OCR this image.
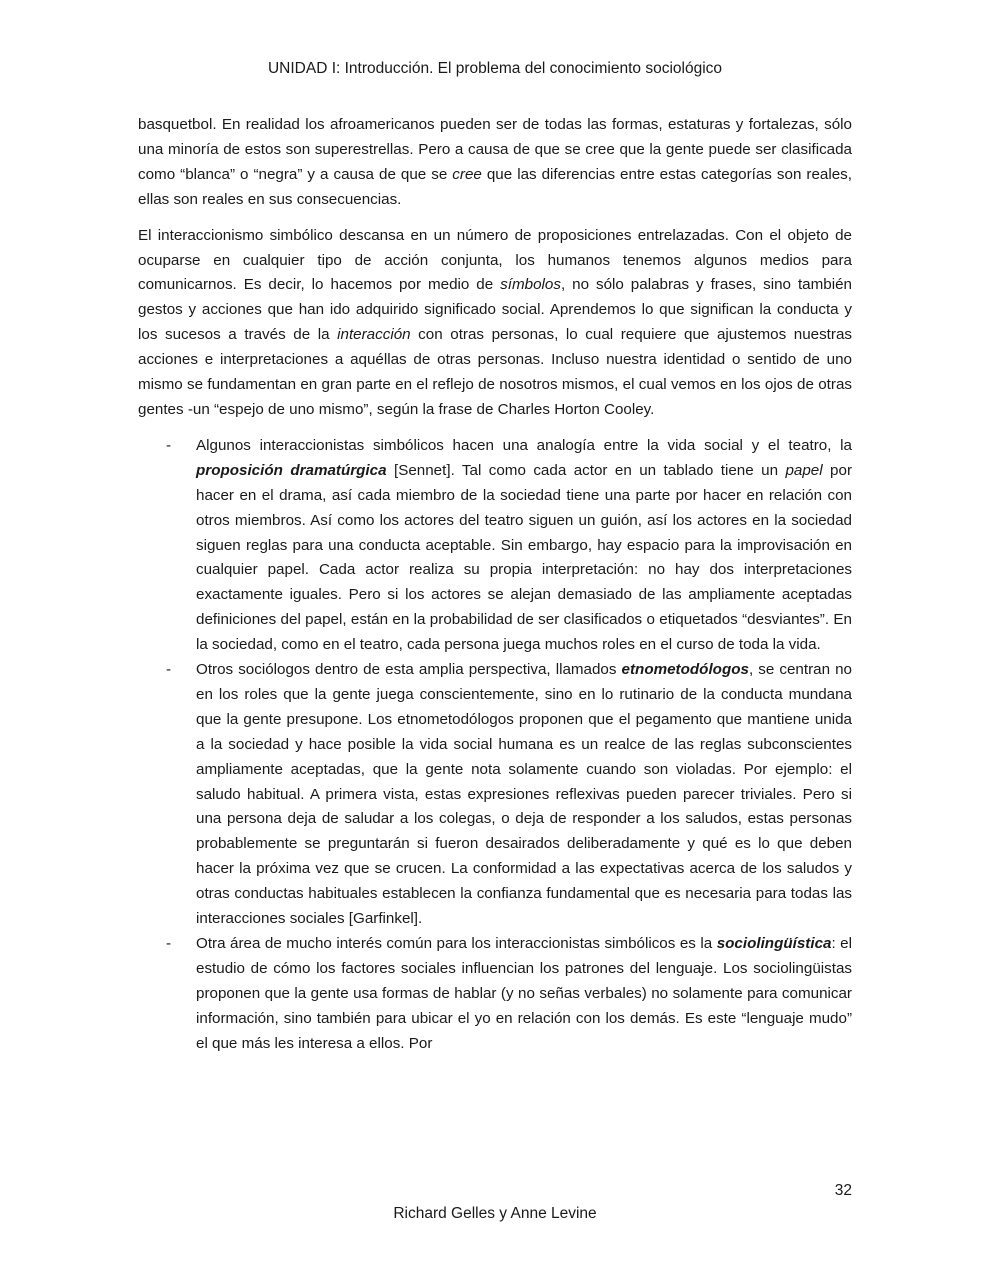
UNIDAD I: Introducción. El problema del conocimiento sociológico

basquetbol. En realidad los afroamericanos pueden ser de todas las formas, estaturas y fortalezas, sólo una minoría de estos son superestrellas. Pero a causa de que se cree que la gente puede ser clasificada como “blanca” o “negra” y a causa de que se cree que las diferencias entre estas categorías son reales, ellas son reales en sus consecuencias.

El interaccionismo simbólico descansa en un número de proposiciones entrelazadas. Con el objeto de ocuparse en cualquier tipo de acción conjunta, los humanos tenemos algunos medios para comunicarnos. Es decir, lo hacemos por medio de símbolos, no sólo palabras y frases, sino también gestos y acciones que han ido adquirido significado social. Aprendemos lo que significan la conducta y los sucesos a través de la interacción con otras personas, lo cual requiere que ajustemos nuestras acciones e interpretaciones a aquéllas de otras personas. Incluso nuestra identidad o sentido de uno mismo se fundamentan en gran parte en el reflejo de nosotros mismos, el cual vemos en los ojos de otras gentes -un “espejo de uno mismo”, según la frase de Charles Horton Cooley.

- Algunos interaccionistas simbólicos hacen una analogía entre la vida social y el teatro, la proposición dramatúrgica [Sennet]. Tal como cada actor en un tablado tiene un papel por hacer en el drama, así cada miembro de la sociedad tiene una parte por hacer en relación con otros miembros. Así como los actores del teatro siguen un guión, así los actores en la sociedad siguen reglas para una conducta aceptable. Sin embargo, hay espacio para la improvisación en cualquier papel. Cada actor realiza su propia interpretación: no hay dos interpretaciones exactamente iguales. Pero si los actores se alejan demasiado de las ampliamente aceptadas definiciones del papel, están en la probabilidad de ser clasificados o etiquetados “desviantes”. En la sociedad, como en el teatro, cada persona juega muchos roles en el curso de toda la vida.
- Otros sociólogos dentro de esta amplia perspectiva, llamados etnometodólogos, se centran no en los roles que la gente juega conscientemente, sino en lo rutinario de la conducta mundana que la gente presupone. Los etnometodólogos proponen que el pegamento que mantiene unida a la sociedad y hace posible la vida social humana es un realce de las reglas subconscientes ampliamente aceptadas, que la gente nota solamente cuando son violadas. Por ejemplo: el saludo habitual. A primera vista, estas expresiones reflexivas pueden parecer triviales. Pero si una persona deja de saludar a los colegas, o deja de responder a los saludos, estas personas probablemente se preguntarán si fueron desairados deliberadamente y qué es lo que deben hacer la próxima vez que se crucen. La conformidad a las expectativas acerca de los saludos y otras conductas habituales establecen la confianza fundamental que es necesaria para todas las interacciones sociales [Garfinkel].
- Otra área de mucho interés común para los interaccionistas simbólicos es la sociolingüística: el estudio de cómo los factores sociales influencian los patrones del lenguaje. Los sociolingüistas proponen que la gente usa formas de hablar (y no señas verbales) no solamente para comunicar información, sino también para ubicar el yo en relación con los demás. Es este “lenguaje mudo” el que más les interesa a ellos. Por
32
Richard Gelles y Anne Levine
